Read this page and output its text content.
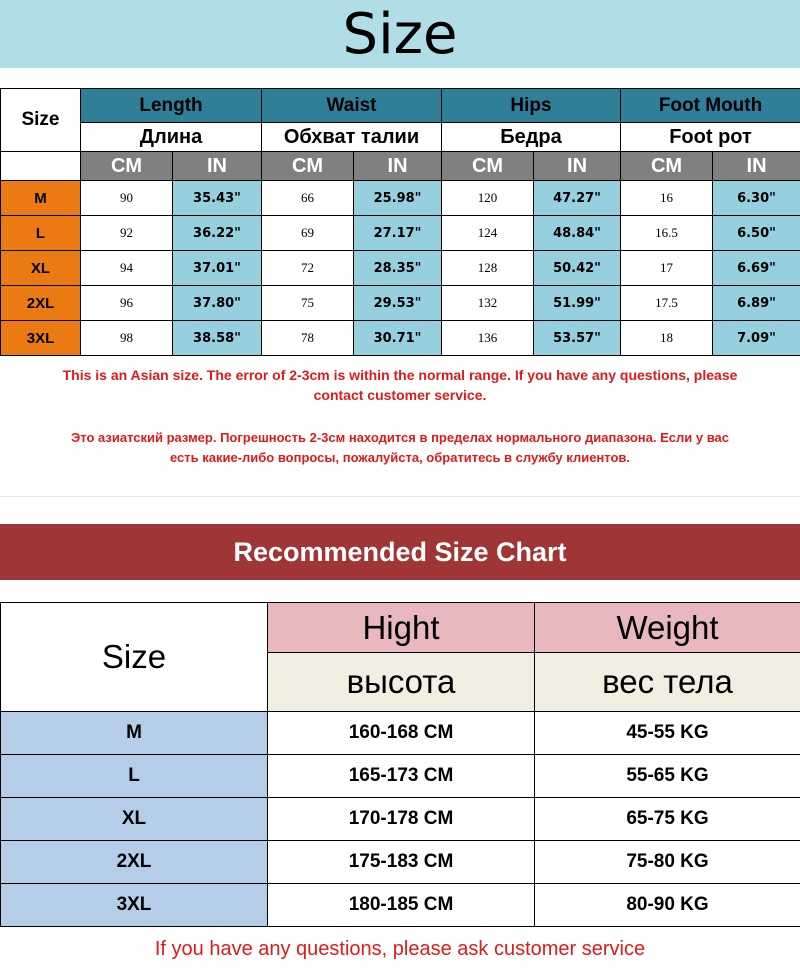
Size
Size	Length		Waist		Hips		Foot Mouth	
	Длина		Обхват талии		Бедра		Foot рот	
	CM	IN	CM	IN	CM	IN	CM	IN
M	90	35.43"	66	25.98"	120	47.27"	16	6.30"
L	92	36.22"	69	27.17"	124	48.84"	16.5	6.50"
XL	94	37.01"	72	28.35"	128	50.42"	17	6.69"
2XL	96	37.80"	75	29.53"	132	51.99"	17.5	6.89"
3XL	98	38.58"	78	30.71"	136	53.57"	18	7.09"
This is an Asian size. The error of 2-3cm is within the normal range. If you have any questions, please
contact customer service.
Это азиатский размер. Погрешность 2-3см находится в пределах нормального диапазона. Если у вас
есть какие-либо вопросы, пожалуйста, обратитесь в службу клиентов.
Recommended Size Chart
Size	Hight	Weight
	высота	вес тела
M	160-168 CM	45-55 KG
L	165-173 CM	55-65 KG
XL	170-178 CM	65-75 KG
2XL	175-183 CM	75-80 KG
3XL	180-185 CM	80-90 KG
If you have any questions, please ask customer service
